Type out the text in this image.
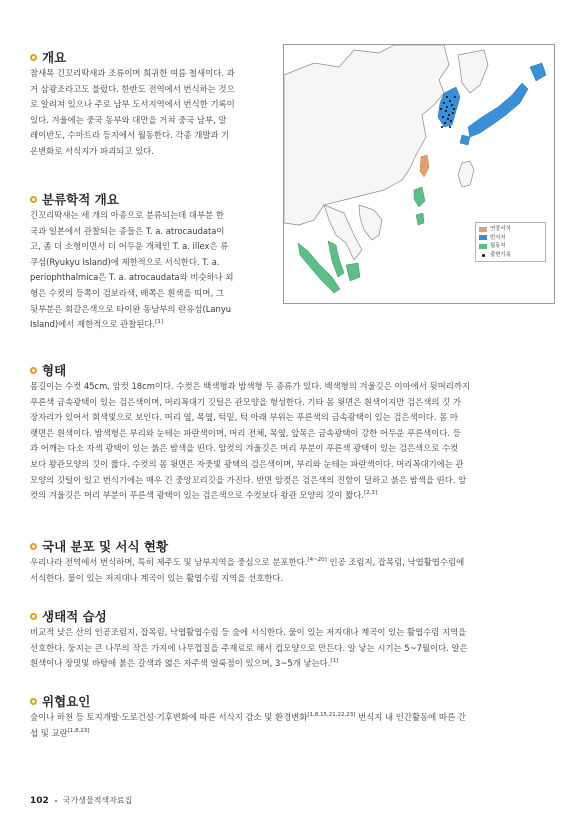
개요
참새목 긴꼬리딱새과 조류이며 희귀한 여름 철새이다. 과
거 삼광조라고도 불렀다. 한반도 전역에서 번식하는 것으
로 알려져 있으나 주로 남부 도서지역에서 번식한 기록이
있다. 겨울에는 중국 동부와 대만을 거쳐 중국 남부, 말
레이반도, 수마트라 등지에서 월동한다. 각종 개발과 기
온변화로 서식지가 파괴되고 있다.
분류학적 개요
긴꼬리딱새는 세 개의 아종으로 분류되는데 대부분 한
국과 일본에서 관찰되는 종들은 T. a. atrocaudata이
고, 좀 더 소형이면서 더 어두운 개체인 T. a. illex은 류
쿠섬(Ryukyu Island)에 제한적으로 서식한다. T. a.
periophthalmica은 T. a. atrocaudata와 비슷하나 외
형은 수컷의 등쪽이 검보라색, 배쪽은 흰색을 띠며, 그
뒷부분은 회갈은색으로 타이완 동남부의 란유섬(Lanyu
Island)에서 제한적으로 관찰된다.[1]
연중서식
번식지
월동지
출현기록
형태
몸길이는 수컷 45cm, 암컷 18cm이다. 수컷은 백색형과 밤색형 두 종류가 있다. 백색형의 겨울깃은 이마에서 뒷머리까지
푸른색 금속광택이 있는 검은색이며, 머리꼭대기 깃털은 관모양을 형성한다. 기타 몸 윗면은 흰색이지만 검은색의 깃 가
장자리가 있어서 회색빛으로 보인다. 머리 옆, 목옆, 턱밑, 턱 아래 부위는 푸른색의 금속광택이 있는 검은색이다. 몸 아
랫면은 흰색이다. 밤색형은 부리와 눈테는 파란색이며, 머리 전체, 목옆, 앞목은 금속광택이 강한 어두운 푸른색이다. 등
과 어깨는 다소 자색 광택이 있는 붉은 밤색을 띤다. 암컷의 겨울깃은 머리 부분이 푸른색 광택이 있는 검은색으로 수컷
보다 왕관모양의 깃이 짧다. 수컷의 몸 윗면은 자줏빛 광택의 검은색이며, 부리와 눈테는 파란색이다. 머리꼭대기에는 관
모양의 깃털이 있고 번식기에는 매우 긴 중앙꼬리깃을 가진다. 반면 암컷은 검은색의 진함이 덜하고 붉은 밤색을 띤다. 암
컷의 겨울깃은 머리 부분이 푸른색 광택이 있는 검은색으로 수컷보다 왕관 모양의 깃이 짧다.[2,3]
국내 분포 및 서식 현황
우리나라 전역에서 번식하며, 특히 제주도 및 남부지역을 중심으로 분포한다.[4~20] 인공 조림지, 잡목림, 낙엽활엽수림에
서식한다. 물이 있는 저지대나 계곡이 있는 활엽수림 지역을 선호한다.
생태적 습성
비교적 낮은 산의 인공조림지, 잡목림, 낙엽활엽수림 등 숲에 서식한다. 물이 있는 저지대나 계곡이 있는 활엽수림 지역을
선호한다. 둥지는 큰 나무의 작은 가지에 나무껍질을 주재료로 해서 컵모양으로 만든다. 알 낳는 시기는 5~7월이다. 알은
흰색이나 장밋빛 바탕에 붉은 갈색과 엷은 자주색 얼룩점이 있으며, 3~5개 낳는다.[1]
위협요인
숲이나 하천 등 토지개발·도로건설·기후변화에 따른 서식지 감소 및 환경변화[1,8,15,21,22,23] 번식지 내 인간활동에 따른 간
섭 및 교란[1,8,23]
102 국가생물적색자료집
